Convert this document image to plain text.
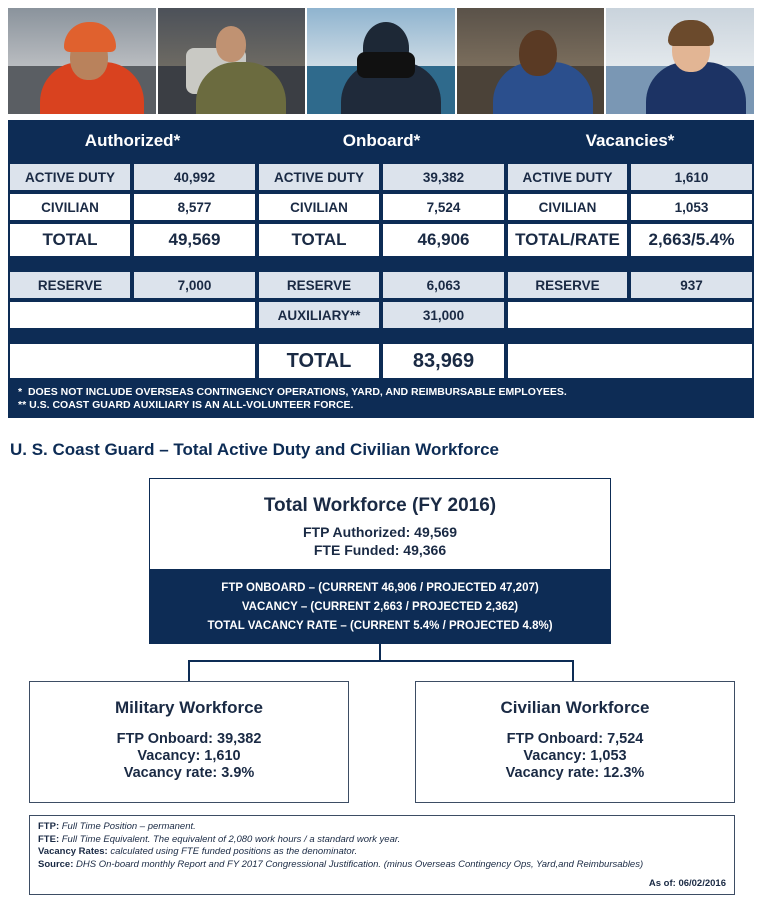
Authorized*		Onboard*		Vacancies*	
ACTIVE DUTY	40,992	ACTIVE DUTY	39,382	ACTIVE DUTY	1,610
CIVILIAN	8,577	CIVILIAN	7,524	CIVILIAN	1,053
TOTAL	49,569	TOTAL	46,906	TOTAL/RATE	2,663/5.4%

RESERVE	7,000	RESERVE	6,063	RESERVE	937
		AUXILIARY**	31,000		

		TOTAL	83,969		

* DOES NOT INCLUDE OVERSEAS CONTINGENCY OPERATIONS, YARD, AND REIMBURSABLE EMPLOYEES.
** U.S. COAST GUARD AUXILIARY IS AN ALL-VOLUNTEER FORCE.					
U. S. Coast Guard – Total Active Duty and Civilian Workforce
Total Workforce (FY 2016)
FTP Authorized: 49,569
FTE Funded: 49,366
FTP ONBOARD – (CURRENT 46,906 / PROJECTED 47,207)
VACANCY – (CURRENT 2,663 / PROJECTED 2,362)
TOTAL VACANCY RATE – (CURRENT 5.4% / PROJECTED 4.8%)
Military Workforce
FTP Onboard: 39,382
Vacancy: 1,610
Vacancy rate: 3.9%
Civilian Workforce
FTP Onboard: 7,524
Vacancy: 1,053
Vacancy rate: 12.3%
FTP: Full Time Position – permanent.
FTE: Full Time Equivalent. The equivalent of 2,080 work hours / a standard work year.
Vacancy Rates: calculated using FTE funded positions as the denominator.
Source: DHS On-board monthly Report and FY 2017 Congressional Justification. (minus Overseas Contingency Ops, Yard,and Reimbursables)
As of: 06/02/2016
